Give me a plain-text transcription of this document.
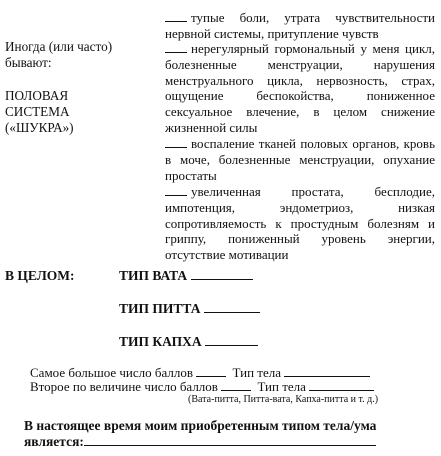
Иногда (или часто) бывают:
ПОЛОВАЯ
СИСТЕМА
(«ШУКРА»)
тупые боли, утрата чувствительности нервной системы, притупление чувств
нерегулярный гормональный у меня цикл, болезненные менструации, нарушения менструального цикла, нервозность, страх, ощущение беспокойства, пониженное сексуальное влечение, в целом снижение жизненной силы
воспаление тканей половых органов, кровь в моче, болезненные менструации, опухание простаты
увеличенная простата, бесплодие, импотенция, эндометриоз, низкая сопротивляемость к простудным болезням и гриппу, пониженный уровень энергии, отсутствие мотивации
В ЦЕЛОМ:	ТИП ВАТА
ТИП ПИТТА
ТИП КАПХА
Самое большое число баллов	Тип тела
Второе по величине число баллов	Тип тела
(Вата-питта, Питта-вата, Капха-питта и т. д.)
В настоящее время моим приобретенным типом тела/ума
является:
